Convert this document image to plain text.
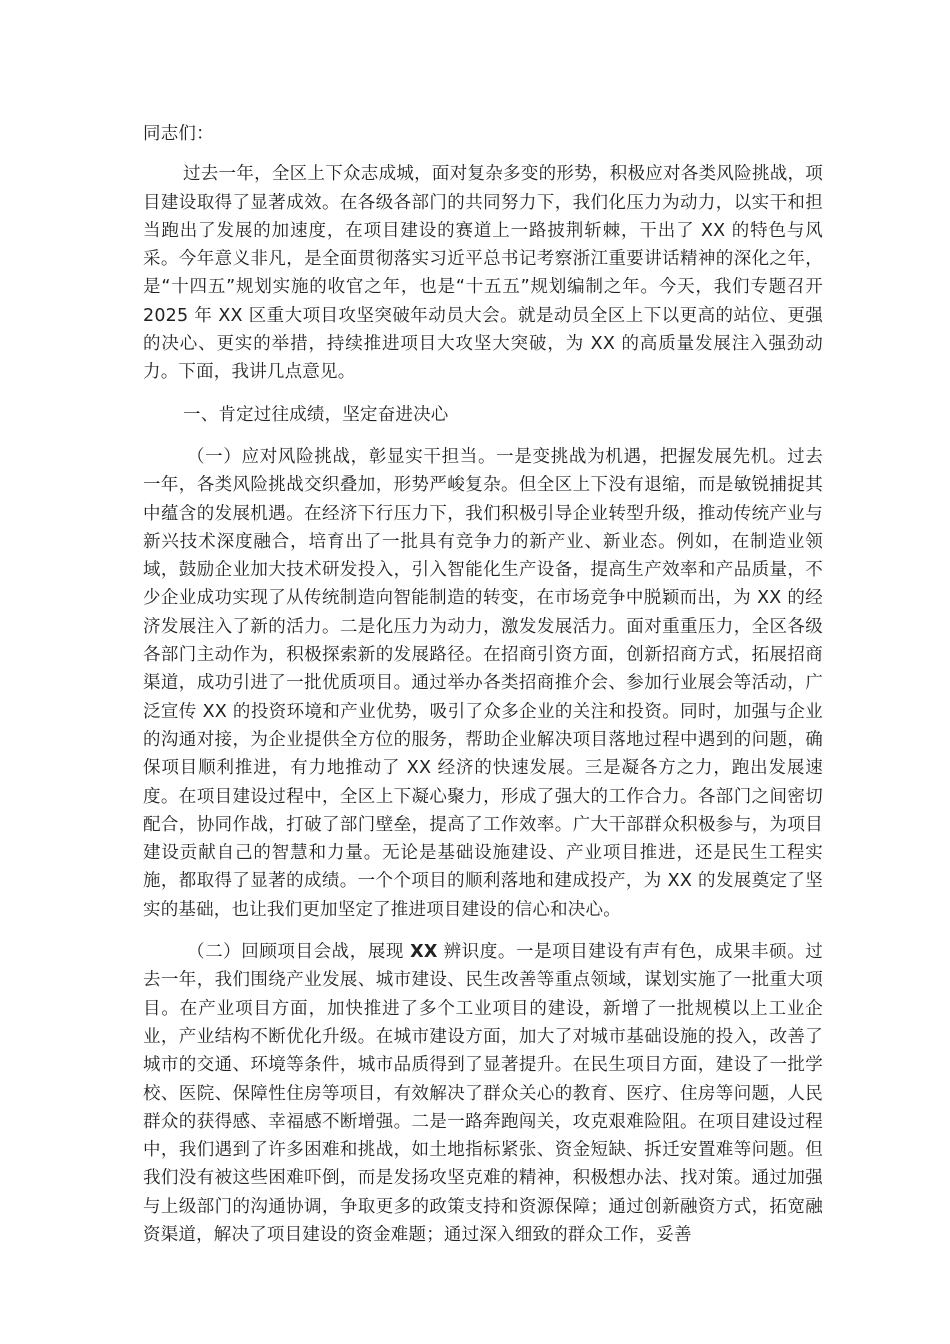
同志们：

过去一年，全区上下众志成城，面对复杂多变的形势，积极应对各类风险挑战，项目建设取得了显著成效。在各级各部门的共同努力下，我们化压力为动力，以实干和担当跑出了发展的加速度，在项目建设的赛道上一路披荆斩棘，干出了 XX 的特色与风采。今年意义非凡，是全面贯彻落实习近平总书记考察浙江重要讲话精神的深化之年，是“十四五”规划实施的收官之年，也是“十五五”规划编制之年。今天，我们专题召开 2025 年 XX 区重大项目攻坚突破年动员大会。就是动员全区上下以更高的站位、更强的决心、更实的举措，持续推进项目大攻坚大突破，为 XX 的高质量发展注入强劲动力。下面，我讲几点意见。

一、肯定过往成绩，坚定奋进决心

（一）应对风险挑战，彰显实干担当。一是变挑战为机遇，把握发展先机。过去一年，各类风险挑战交织叠加，形势严峻复杂。但全区上下没有退缩，而是敏锐捕捉其中蕴含的发展机遇。在经济下行压力下，我们积极引导企业转型升级，推动传统产业与新兴技术深度融合，培育出了一批具有竞争力的新产业、新业态。例如，在制造业领域，鼓励企业加大技术研发投入，引入智能化生产设备，提高生产效率和产品质量，不少企业成功实现了从传统制造向智能制造的转变，在市场竞争中脱颖而出，为 XX 的经济发展注入了新的活力。二是化压力为动力，激发发展活力。面对重重压力，全区各级各部门主动作为，积极探索新的发展路径。在招商引资方面，创新招商方式，拓展招商渠道，成功引进了一批优质项目。通过举办各类招商推介会、参加行业展会等活动，广泛宣传 XX 的投资环境和产业优势，吸引了众多企业的关注和投资。同时，加强与企业的沟通对接，为企业提供全方位的服务，帮助企业解决项目落地过程中遇到的问题，确保项目顺利推进，有力地推动了 XX 经济的快速发展。三是凝各方之力，跑出发展速度。在项目建设过程中，全区上下凝心聚力，形成了强大的工作合力。各部门之间密切配合，协同作战，打破了部门壁垒，提高了工作效率。广大干部群众积极参与，为项目建设贡献自己的智慧和力量。无论是基础设施建设、产业项目推进，还是民生工程实施，都取得了显著的成绩。一个个项目的顺利落地和建成投产，为 XX 的发展奠定了坚实的基础，也让我们更加坚定了推进项目建设的信心和决心。

（二）回顾项目会战，展现 XX 辨识度。一是项目建设有声有色，成果丰硕。过去一年，我们围绕产业发展、城市建设、民生改善等重点领域，谋划实施了一批重大项目。在产业项目方面，加快推进了多个工业项目的建设，新增了一批规模以上工业企业，产业结构不断优化升级。在城市建设方面，加大了对城市基础设施的投入，改善了城市的交通、环境等条件，城市品质得到了显著提升。在民生项目方面，建设了一批学校、医院、保障性住房等项目，有效解决了群众关心的教育、医疗、住房等问题，人民群众的获得感、幸福感不断增强。二是一路奔跑闯关，攻克艰难险阻。在项目建设过程中，我们遇到了许多困难和挑战，如土地指标紧张、资金短缺、拆迁安置难等问题。但我们没有被这些困难吓倒，而是发扬攻坚克难的精神，积极想办法、找对策。通过加强与上级部门的沟通协调，争取更多的政策支持和资源保障；通过创新融资方式，拓宽融资渠道，解决了项目建设的资金难题；通过深入细致的群众工作，妥善
